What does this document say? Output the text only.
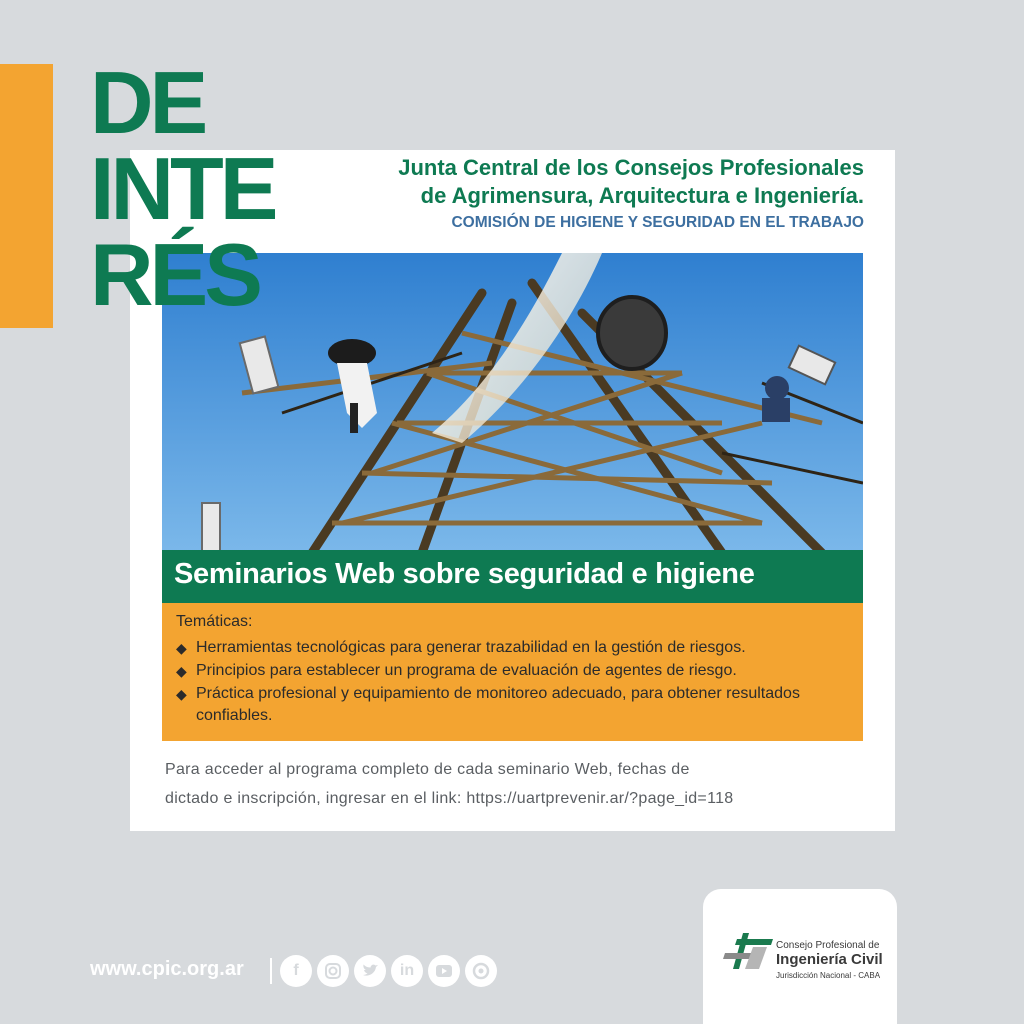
Junta Central de los Consejos Profesionales
de Agrimensura, Arquitectura e Ingeniería.
COMISIÓN DE HIGIENE Y SEGURIDAD EN EL TRABAJO
DE
INTE
RÉS
Seminarios Web sobre seguridad e higiene
Temáticas:
◆ Herramientas tecnológicas para generar trazabilidad en la gestión de riesgos.
◆ Principios para establecer un programa de evaluación de agentes de riesgo.
◆ Práctica profesional y equipamiento de monitoreo adecuado, para obtener resultados confiables.
Para acceder al programa completo de cada seminario Web, fechas de
dictado e inscripción, ingresar en el link: https://uartprevenir.ar/?page_id=118
www.cpic.org.ar	f	in
Consejo Profesional de
Ingeniería Civil
Jurisdicción Nacional - CABA
